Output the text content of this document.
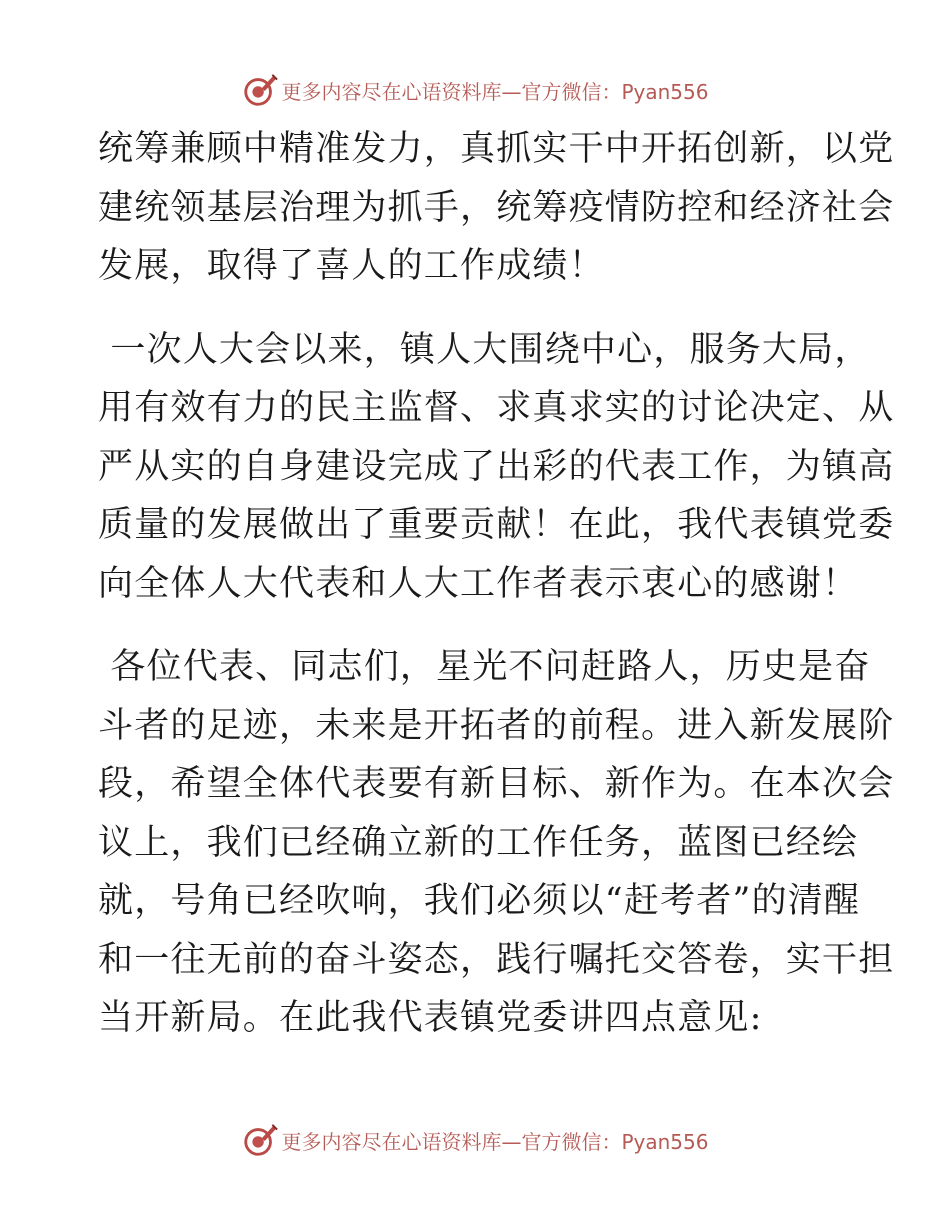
更多内容尽在心语资料库—官方微信：Pyan556
统筹兼顾中精准发力，真抓实干中开拓创新，以党
建统领基层治理为抓手，统筹疫情防控和经济社会
发展，取得了喜人的工作成绩！
一次人大会以来，镇人大围绕中心，服务大局，
用有效有力的民主监督、求真求实的讨论决定、从
严从实的自身建设完成了出彩的代表工作，为镇高
质量的发展做出了重要贡献！在此，我代表镇党委
向全体人大代表和人大工作者表示衷心的感谢！
各位代表、同志们，星光不问赶路人，历史是奋
斗者的足迹，未来是开拓者的前程。进入新发展阶
段，希望全体代表要有新目标、新作为。在本次会
议上，我们已经确立新的工作任务，蓝图已经绘
就，号角已经吹响，我们必须以“赶考者”的清醒
和一往无前的奋斗姿态，践行嘱托交答卷，实干担
当开新局。在此我代表镇党委讲四点意见:
更多内容尽在心语资料库—官方微信：Pyan556
